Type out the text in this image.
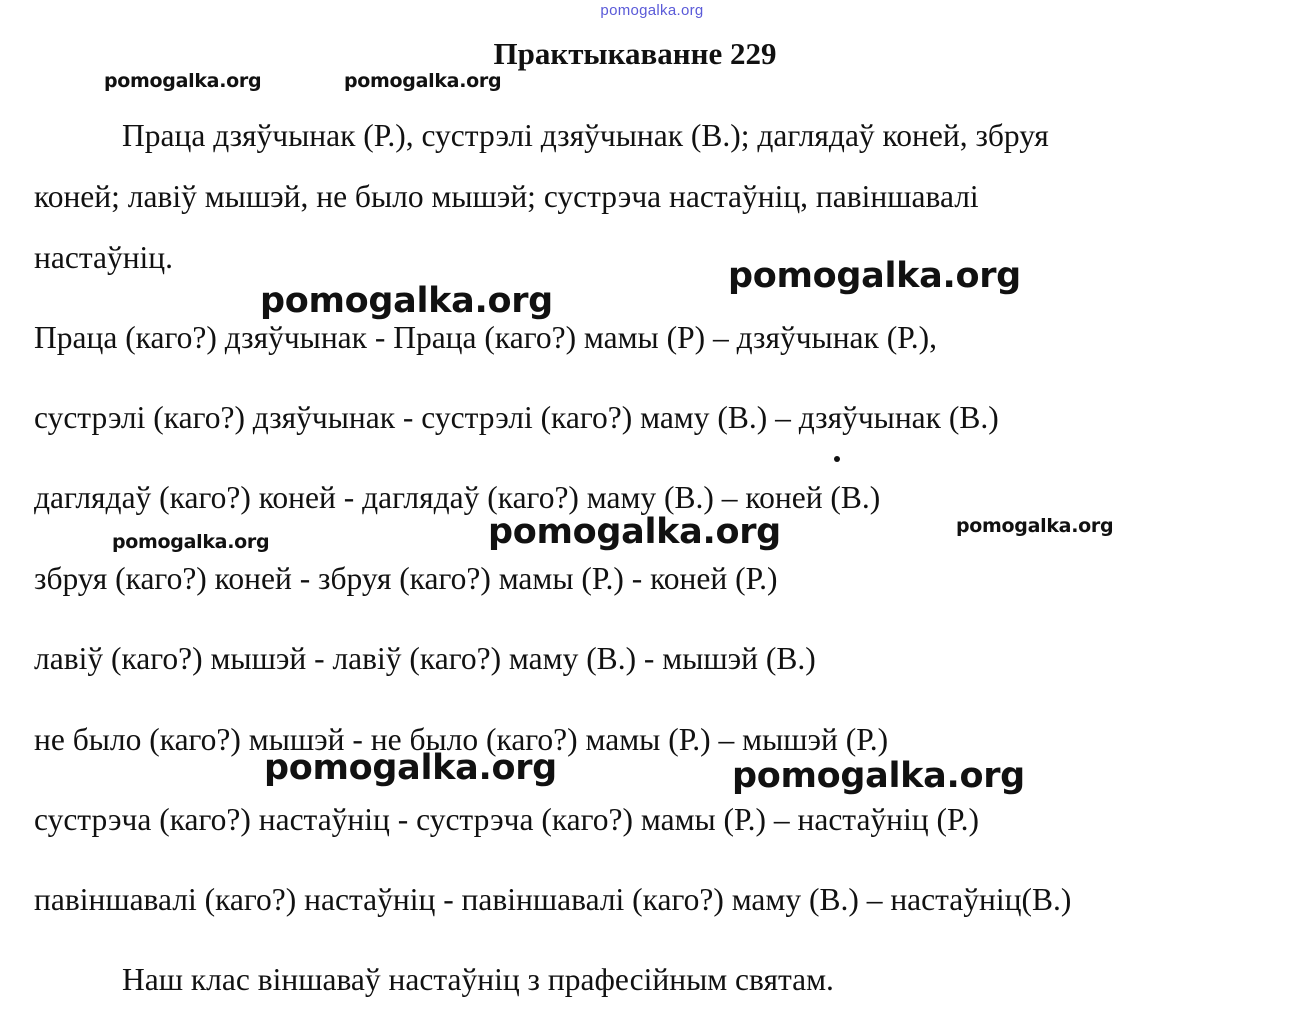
pomogalka.org
Практыкаванне 229
pomogalka.org	pomogalka.org
Праца дзяўчынак (Р.), сустрэлі дзяўчынак (В.); даглядаў коней, збруя
коней; лавіў мышэй, не было мышэй; сустрэча настаўніц, павіншавалі
настаўніц.	pomogalka.org
pomogalka.org
Праца (каго?) дзяўчынак - Праца (каго?) мамы (Р) – дзяўчынак (Р.),
сустрэлі (каго?) дзяўчынак - сустрэлі (каго?) маму (В.) – дзяўчынак (В.)
даглядаў (каго?) коней - даглядаў (каго?) маму (В.) – коней (В.)
pomogalka.org	pomogalka.org
pomogalka.org
збруя (каго?) коней - збруя (каго?) мамы (Р.) - коней (Р.)
лавіў (каго?) мышэй - лавіў (каго?) маму (В.) - мышэй (В.)
не было (каго?) мышэй - не было (каго?) мамы (Р.) – мышэй (Р.)
pomogalka.org	pomogalka.org
сустрэча (каго?) настаўніц - сустрэча (каго?) мамы (Р.) – настаўніц (Р.)
павіншавалі (каго?) настаўніц - павіншавалі (каго?) маму (В.) – настаўніц(В.)
Наш клас віншаваў настаўніц з прафесійным святам.
